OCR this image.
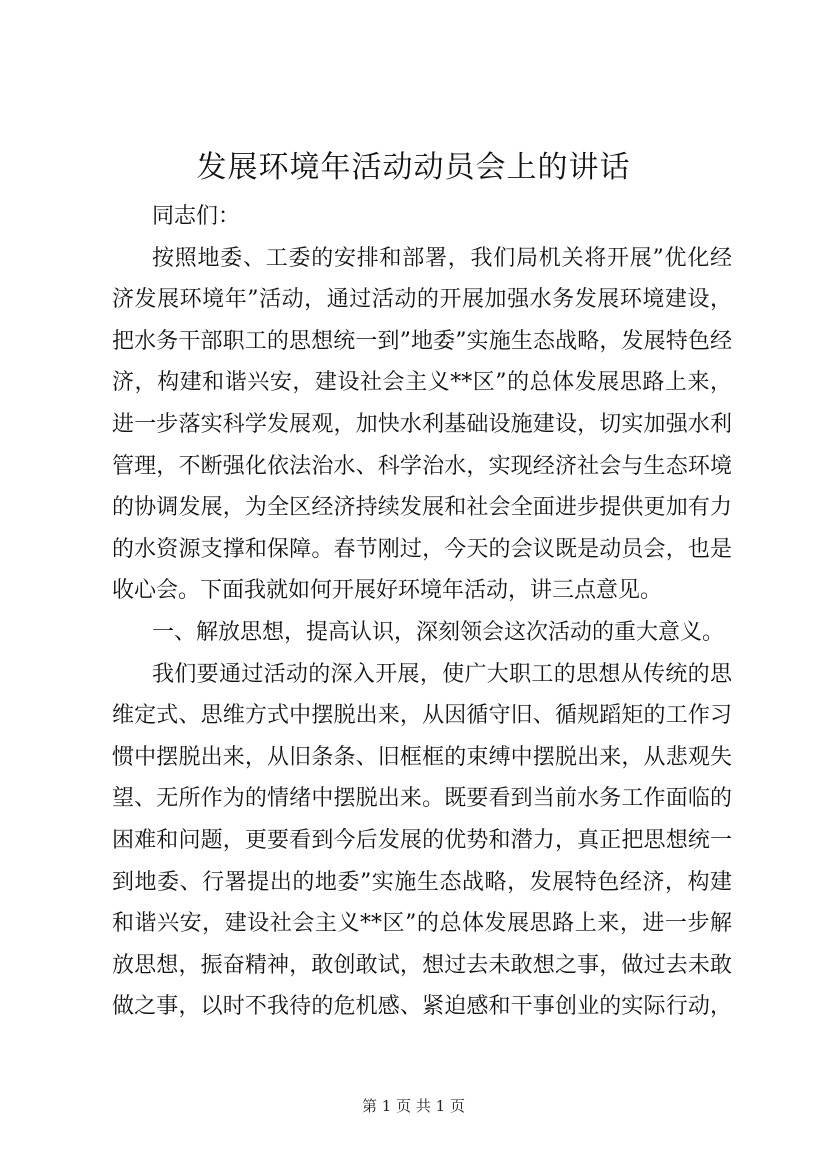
发展环境年活动动员会上的讲话
同志们：
按照地委、工委的安排和部署，我们局机关将开展”优化经
济发展环境年”活动，通过活动的开展加强水务发展环境建设，
把水务干部职工的思想统一到”地委”实施生态战略，发展特色经
济，构建和谐兴安，建设社会主义**区”的总体发展思路上来，
进一步落实科学发展观，加快水利基础设施建设，切实加强水利
管理，不断强化依法治水、科学治水，实现经济社会与生态环境
的协调发展，为全区经济持续发展和社会全面进步提供更加有力
的水资源支撑和保障。春节刚过，今天的会议既是动员会，也是
收心会。下面我就如何开展好环境年活动，讲三点意见。
一、解放思想，提高认识，深刻领会这次活动的重大意义。
我们要通过活动的深入开展，使广大职工的思想从传统的思
维定式、思维方式中摆脱出来，从因循守旧、循规蹈矩的工作习
惯中摆脱出来，从旧条条、旧框框的束缚中摆脱出来，从悲观失
望、无所作为的情绪中摆脱出来。既要看到当前水务工作面临的
困难和问题，更要看到今后发展的优势和潜力，真正把思想统一
到地委、行署提出的地委”实施生态战略，发展特色经济，构建
和谐兴安，建设社会主义**区”的总体发展思路上来，进一步解
放思想，振奋精神，敢创敢试，想过去未敢想之事，做过去未敢
做之事，以时不我待的危机感、紧迫感和干事创业的实际行动，
第 1 页 共 1 页
